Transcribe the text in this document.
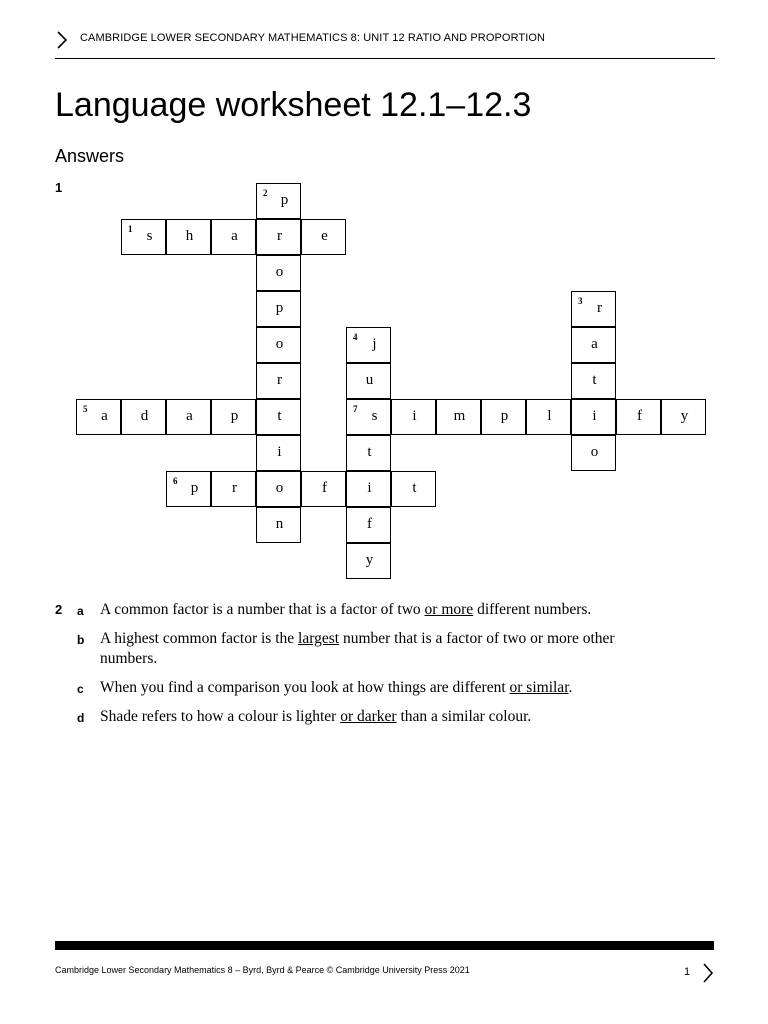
CAMBRIDGE LOWER SECONDARY MATHEMATICS 8: UNIT 12 RATIO AND PROPORTION
Language worksheet 12.1–12.3
Answers
1	2 p
1 s	h	a	r	e
o
p	3 r
o	4 j	a
r	u	t
5 a	d	a	p	t	7 s	i	m	p	l	i	f	y
i	t	o
6 p	r	o	f	i	t
n	f
y
2 a A common factor is a number that is a factor of two or more different numbers.
b A highest common factor is the largest number that is a factor of two or more other numbers.
c When you find a comparison you look at how things are different or similar.
d Shade refers to how a colour is lighter or darker than a similar colour.
Cambridge Lower Secondary Mathematics 8 – Byrd, Byrd & Pearce © Cambridge University Press 2021	1
